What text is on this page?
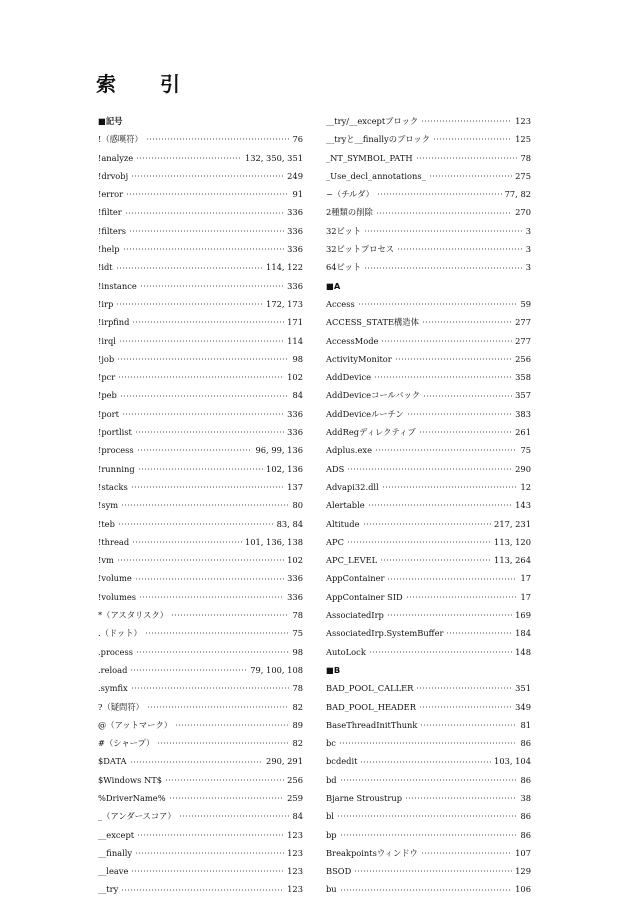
索　引
■記号
!（感嘆符）	76
!analyze	132, 350, 351
!drvobj	249
!error	91
!filter	336
!filters	336
!help	336
!idt	114, 122
!instance	336
!irp	172, 173
!irpfind	171
!irql	114
!job	98
!pcr	102
!peb	84
!port	336
!portlist	336
!process	96, 99, 136
!running	102, 136
!stacks	137
!sym	80
!teb	83, 84
!thread	101, 136, 138
!vm	102
!volume	336
!volumes	336
*（アスタリスク）	78
.（ドット）	75
.process	98
.reload	79, 100, 108
.symfix	78
?（疑問符）	82
@（アットマーク）	89
#（シャープ）	82
$DATA	290, 291
$Windows NT$	256
%DriverName%	259
_（アンダースコア）	84
__except	123
__finally	123
__leave	123
__try	123
__try/__exceptブロック	123
__tryと__finallyのブロック	125
_NT_SYMBOL_PATH	78
_Use_decl_annotations_	275
~（チルダ）	77, 82
2種類の削除	270
32ビット	3
32ビットプロセス	3
64ビット	3
■A
Access	59
ACCESS_STATE構造体	277
AccessMode	277
ActivityMonitor	256
AddDevice	358
AddDeviceコールバック	357
AddDeviceルーチン	383
AddRegディレクティブ	261
Adplus.exe	75
ADS	290
Advapi32.dll	12
Alertable	143
Altitude	217, 231
APC	113, 120
APC_LEVEL	113, 264
AppContainer	17
AppContainer SID	17
AssociatedIrp	169
AssociatedIrp.SystemBuffer	184
AutoLock	148
■B
BAD_POOL_CALLER	351
BAD_POOL_HEADER	349
BaseThreadInitThunk	81
bc	86
bcdedit	103, 104
bd	86
Bjarne Stroustrup	38
bl	86
bp	86
Breakpointsウィンドウ	107
BSOD	129
bu	106
